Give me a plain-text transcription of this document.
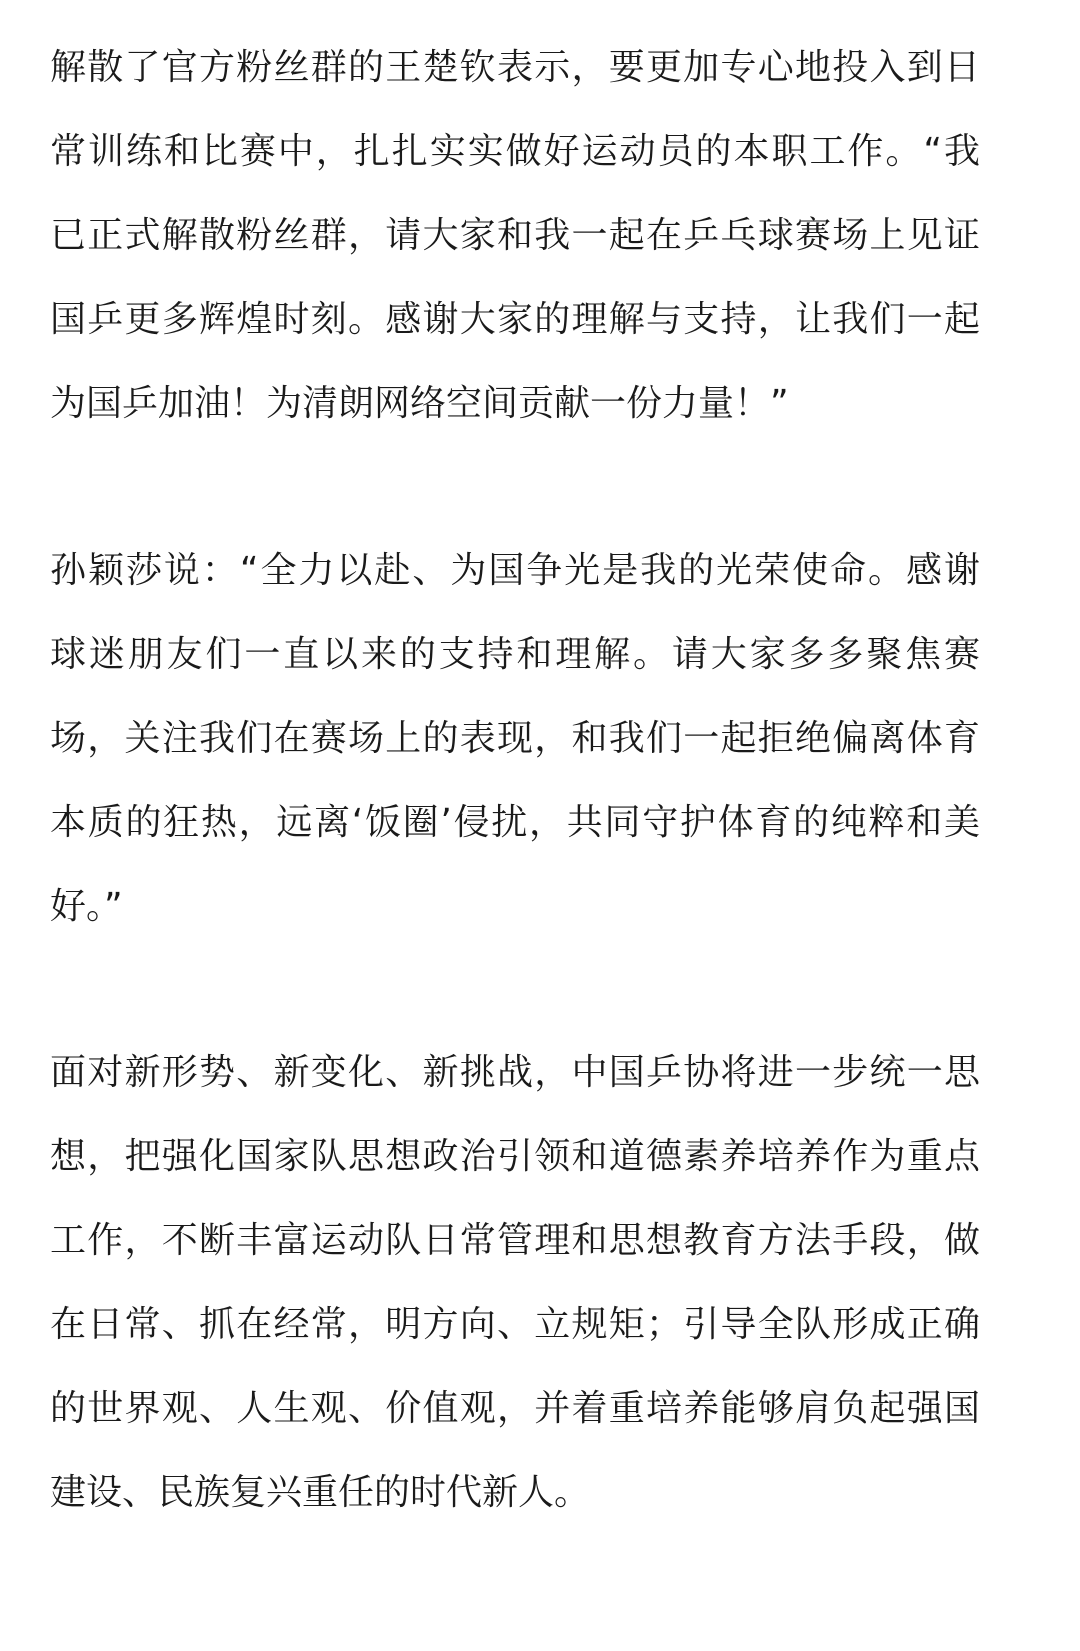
解散了官方粉丝群的王楚钦表示，要更加专心地投入到日
常训练和比赛中，扎扎实实做好运动员的本职工作。“我
已正式解散粉丝群，请大家和我一起在乒乓球赛场上见证
国乒更多辉煌时刻。感谢大家的理解与支持，让我们一起
为国乒加油！为清朗网络空间贡献一份力量！”
孙颖莎说：“全力以赴、为国争光是我的光荣使命。感谢
球迷朋友们一直以来的支持和理解。请大家多多聚焦赛
场，关注我们在赛场上的表现，和我们一起拒绝偏离体育
本质的狂热，远离‘饭圈’侵扰，共同守护体育的纯粹和美
好。”
面对新形势、新变化、新挑战，中国乒协将进一步统一思
想，把强化国家队思想政治引领和道德素养培养作为重点
工作，不断丰富运动队日常管理和思想教育方法手段，做
在日常、抓在经常，明方向、立规矩；引导全队形成正确
的世界观、人生观、价值观，并着重培养能够肩负起强国
建设、民族复兴重任的时代新人。
